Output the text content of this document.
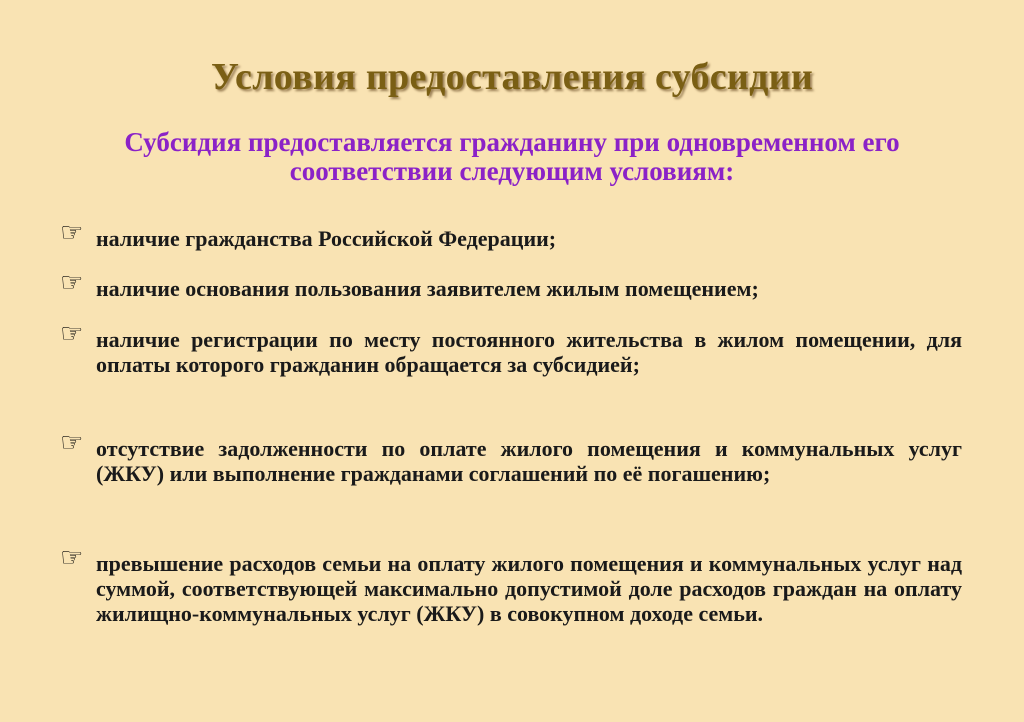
Условия предоставления субсидии
Субсидия предоставляется гражданину при одновременном его соответствии следующим условиям:
☞ наличие гражданства Российской Федерации;
☞ наличие основания пользования заявителем жилым помещением;
☞ наличие регистрации по месту постоянного жительства в жилом помещении, для оплаты которого гражданин обращается за субсидией;
☞ отсутствие задолженности по оплате жилого помещения и коммунальных услуг (ЖКУ) или выполнение гражданами соглашений по её погашению;
☞ превышение расходов семьи на оплату жилого помещения и коммунальных услуг над суммой, соответствующей максимально допустимой доле расходов граждан на оплату жилищно-коммунальных услуг (ЖКУ) в совокупном доходе семьи.
